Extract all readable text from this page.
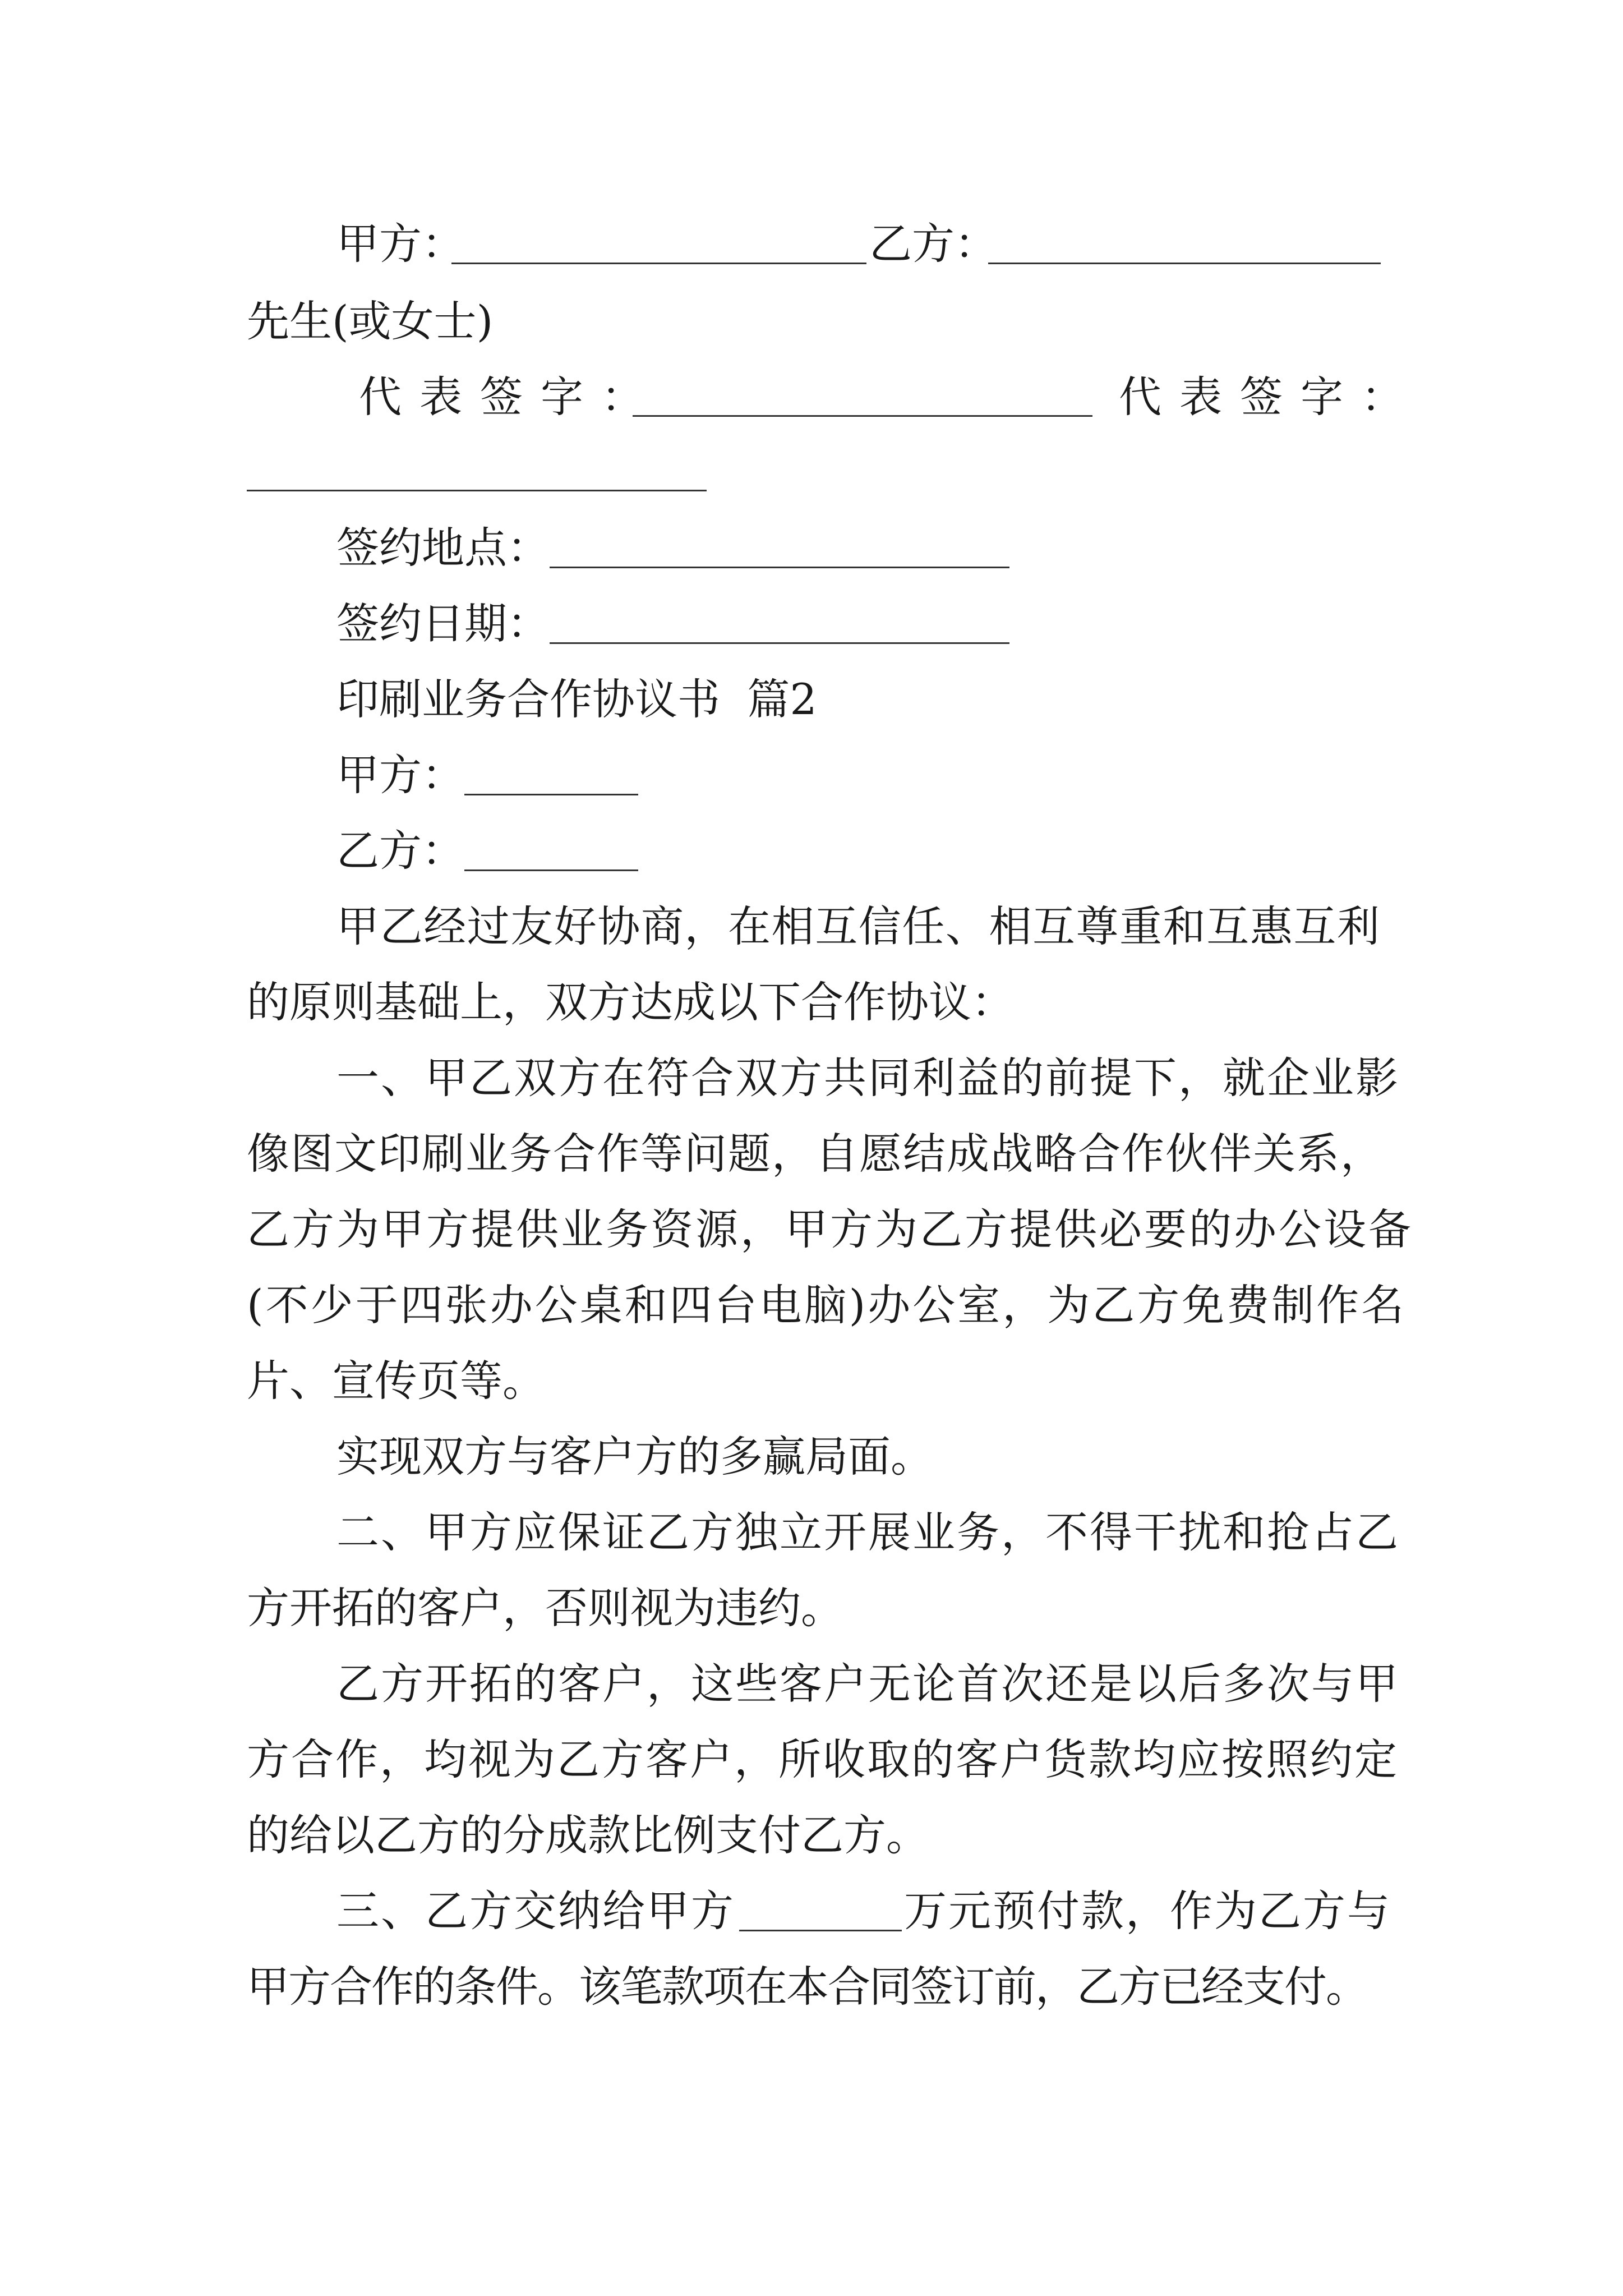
甲方：	乙方：
先生(或女士)
代表签字：	代表签字：
签约地点：
签约日期：
印刷业务合作协议书  篇2
甲方：
乙方：
甲 乙 经 过 友 好 协 商 ， 在 相 互 信 任 、 相 互 尊 重 和 互 惠 互 利
的原则基础上，双方达成以下合作协议：
一、甲乙双方在符合双方共同利益的前提下，就企业影
像图文印刷业务合作等问题，自愿结成战略合作伙伴关系，
乙方为甲方提供业务资源，甲方为乙方提供必要的办公设备
(不少于四张办公桌和四台电脑)办公室，为乙方免费制作名
片、宣传页等。
实现双方与客户方的多赢局面。
二、甲方应保证乙方独立开展业务，不得干扰和抢占乙
方开拓的客户，否则视为违约。
乙方开拓的客户，这些客户无论首次还是以后多次与甲
方合作，均视为乙方客户，所收取的客户货款均应按照约定
的给以乙方的分成款比例支付乙方。
三、乙方交纳给甲方	万元预付款，作为乙方与
甲方合作的条件。该笔款项在本合同签订前，乙方已经支付。
